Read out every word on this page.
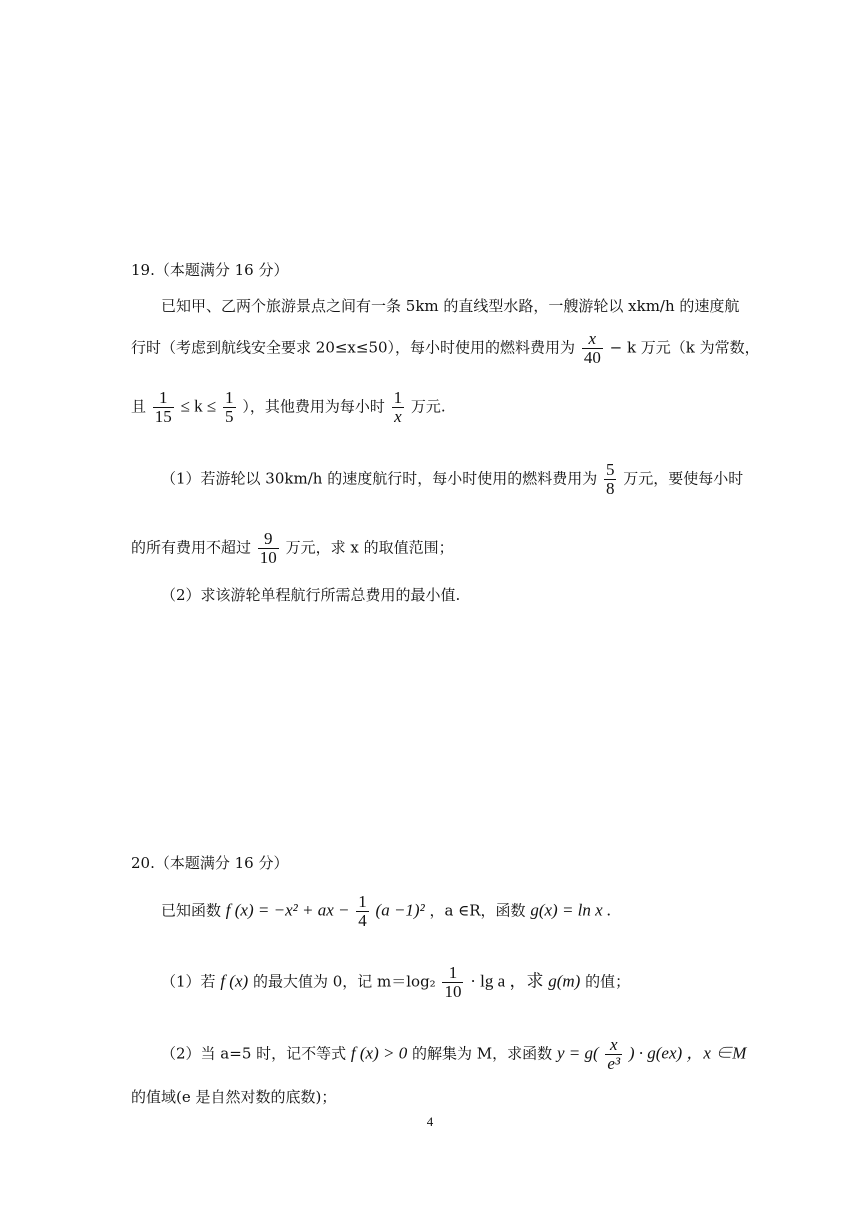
19.（本题满分 16 分）
已知甲、乙两个旅游景点之间有一条 5km 的直线型水路，一艘游轮以 xkm/h 的速度航
行时（考虑到航线安全要求 20≤x≤50），每小时使用的燃料费用为 $\frac{x}{40} - k$ 万元（k 为常数，
且 $\frac{1}{15} \le k \le \frac{1}{5}$ ），其他费用为每小时 $\frac{1}{x}$ 万元.
（1）若游轮以 30km/h 的速度航行时，每小时使用的燃料费用为 $\frac{5}{8}$ 万元，要使每小时
的所有费用不超过 $\frac{9}{10}$ 万元，求 x 的取值范围；
（2）求该游轮单程航行所需总费用的最小值.
20.（本题满分 16 分）
已知函数 f (x) = −x² + ax − $\frac{1}{4} (a -1)^2$ ，a ∈R，函数 g(x) = ln x .
（1）若 f (x) 的最大值为 0，记 $m=\log_2 \frac{1}{10} \cdot \lg a$ ，求 g(m) 的值；
（2）当 a=5 时，记不等式 f (x) > 0 的解集为 M，求函数 $y = g( \frac{x}{\text{e³}}$ ) · g(ex) ，x ∈M
的值域(e 是自然对数的底数)；
4
